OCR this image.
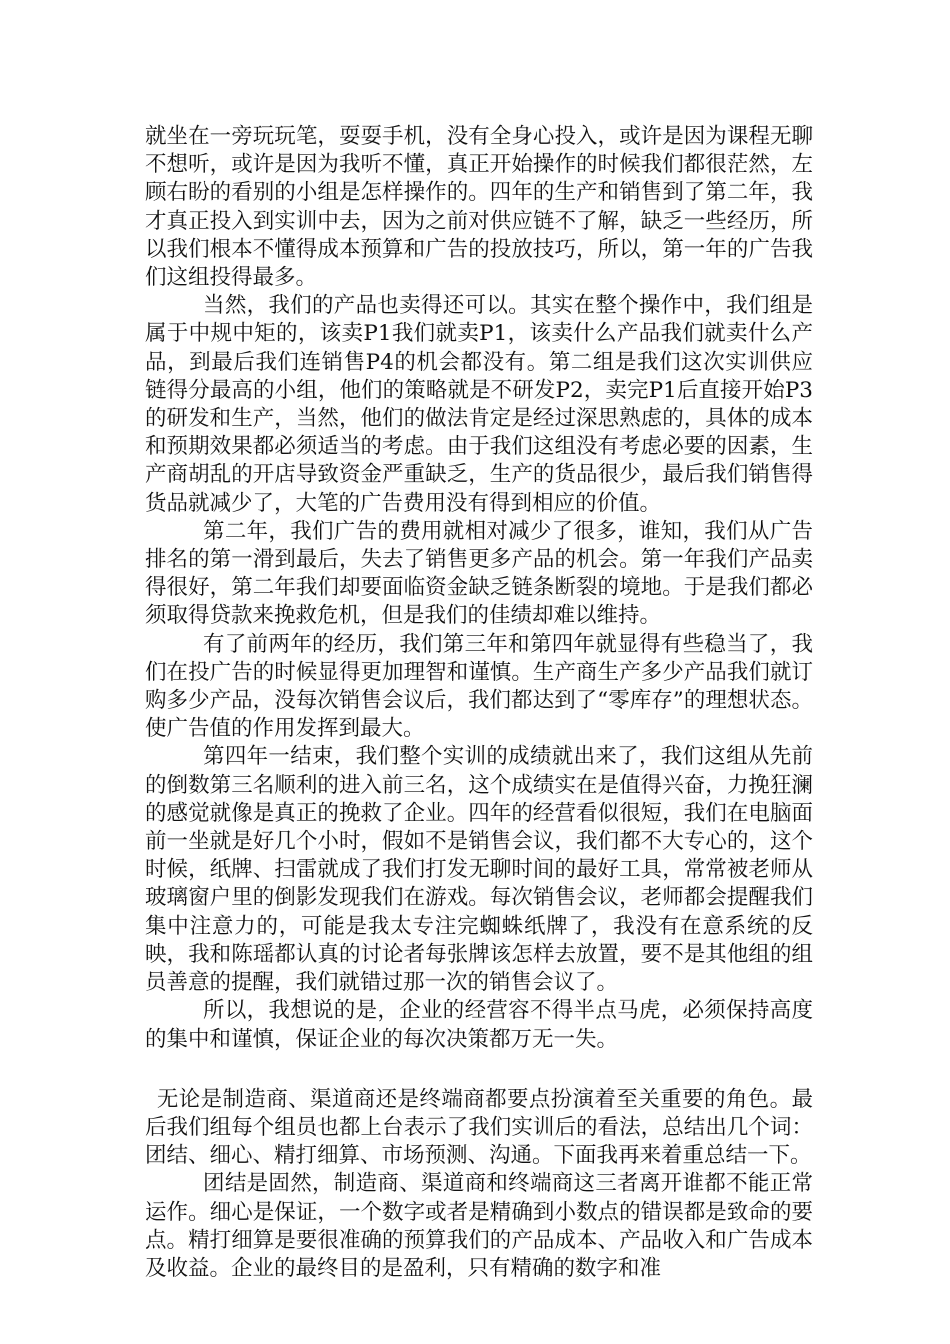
就坐在一旁玩玩笔，耍耍手机，没有全身心投入，或许是因为课程无聊不想听，或许是因为我听不懂，真正开始操作的时候我们都很茫然，左顾右盼的看别的小组是怎样操作的。四年的生产和销售到了第二年，我才真正投入到实训中去，因为之前对供应链不了解，缺乏一些经历，所以我们根本不懂得成本预算和广告的投放技巧，所以，第一年的广告我们这组投得最多。

当然，我们的产品也卖得还可以。其实在整个操作中，我们组是属于中规中矩的，该卖P1我们就卖P1，该卖什么产品我们就卖什么产品，到最后我们连销售P4的机会都没有。第二组是我们这次实训供应链得分最高的小组，他们的策略就是不研发P2，卖完P1后直接开始P3的研发和生产，当然，他们的做法肯定是经过深思熟虑的，具体的成本和预期效果都必须适当的考虑。由于我们这组没有考虑必要的因素，生产商胡乱的开店导致资金严重缺乏，生产的货品很少，最后我们销售得货品就减少了，大笔的广告费用没有得到相应的价值。

第二年，我们广告的费用就相对减少了很多，谁知，我们从广告排名的第一滑到最后，失去了销售更多产品的机会。第一年我们产品卖得很好，第二年我们却要面临资金缺乏链条断裂的境地。于是我们都必须取得贷款来挽救危机，但是我们的佳绩却难以维持。

有了前两年的经历，我们第三年和第四年就显得有些稳当了，我们在投广告的时候显得更加理智和谨慎。生产商生产多少产品我们就订购多少产品，没每次销售会议后，我们都达到了“零库存”的理想状态。使广告值的作用发挥到最大。

第四年一结束，我们整个实训的成绩就出来了，我们这组从先前的倒数第三名顺利的进入前三名，这个成绩实在是值得兴奋，力挽狂澜的感觉就像是真正的挽救了企业。四年的经营看似很短，我们在电脑面前一坐就是好几个小时，假如不是销售会议，我们都不大专心的，这个时候，纸牌、扫雷就成了我们打发无聊时间的最好工具，常常被老师从玻璃窗户里的倒影发现我们在游戏。每次销售会议，老师都会提醒我们集中注意力的，可能是我太专注完蜘蛛纸牌了，我没有在意系统的反映，我和陈瑶都认真的讨论者每张牌该怎样去放置，要不是其他组的组员善意的提醒，我们就错过那一次的销售会议了。

所以，我想说的是，企业的经营容不得半点马虎，必须保持高度的集中和谨慎，保证企业的每次决策都万无一失。

无论是制造商、渠道商还是终端商都要点扮演着至关重要的角色。最后我们组每个组员也都上台表示了我们实训后的看法，总结出几个词：团结、细心、精打细算、市场预测、沟通。下面我再来着重总结一下。

团结是固然，制造商、渠道商和终端商这三者离开谁都不能正常运作。细心是保证，一个数字或者是精确到小数点的错误都是致命的要点。精打细算是要很准确的预算我们的产品成本、产品收入和广告成本及收益。企业的最终目的是盈利，只有精确的数字和准
